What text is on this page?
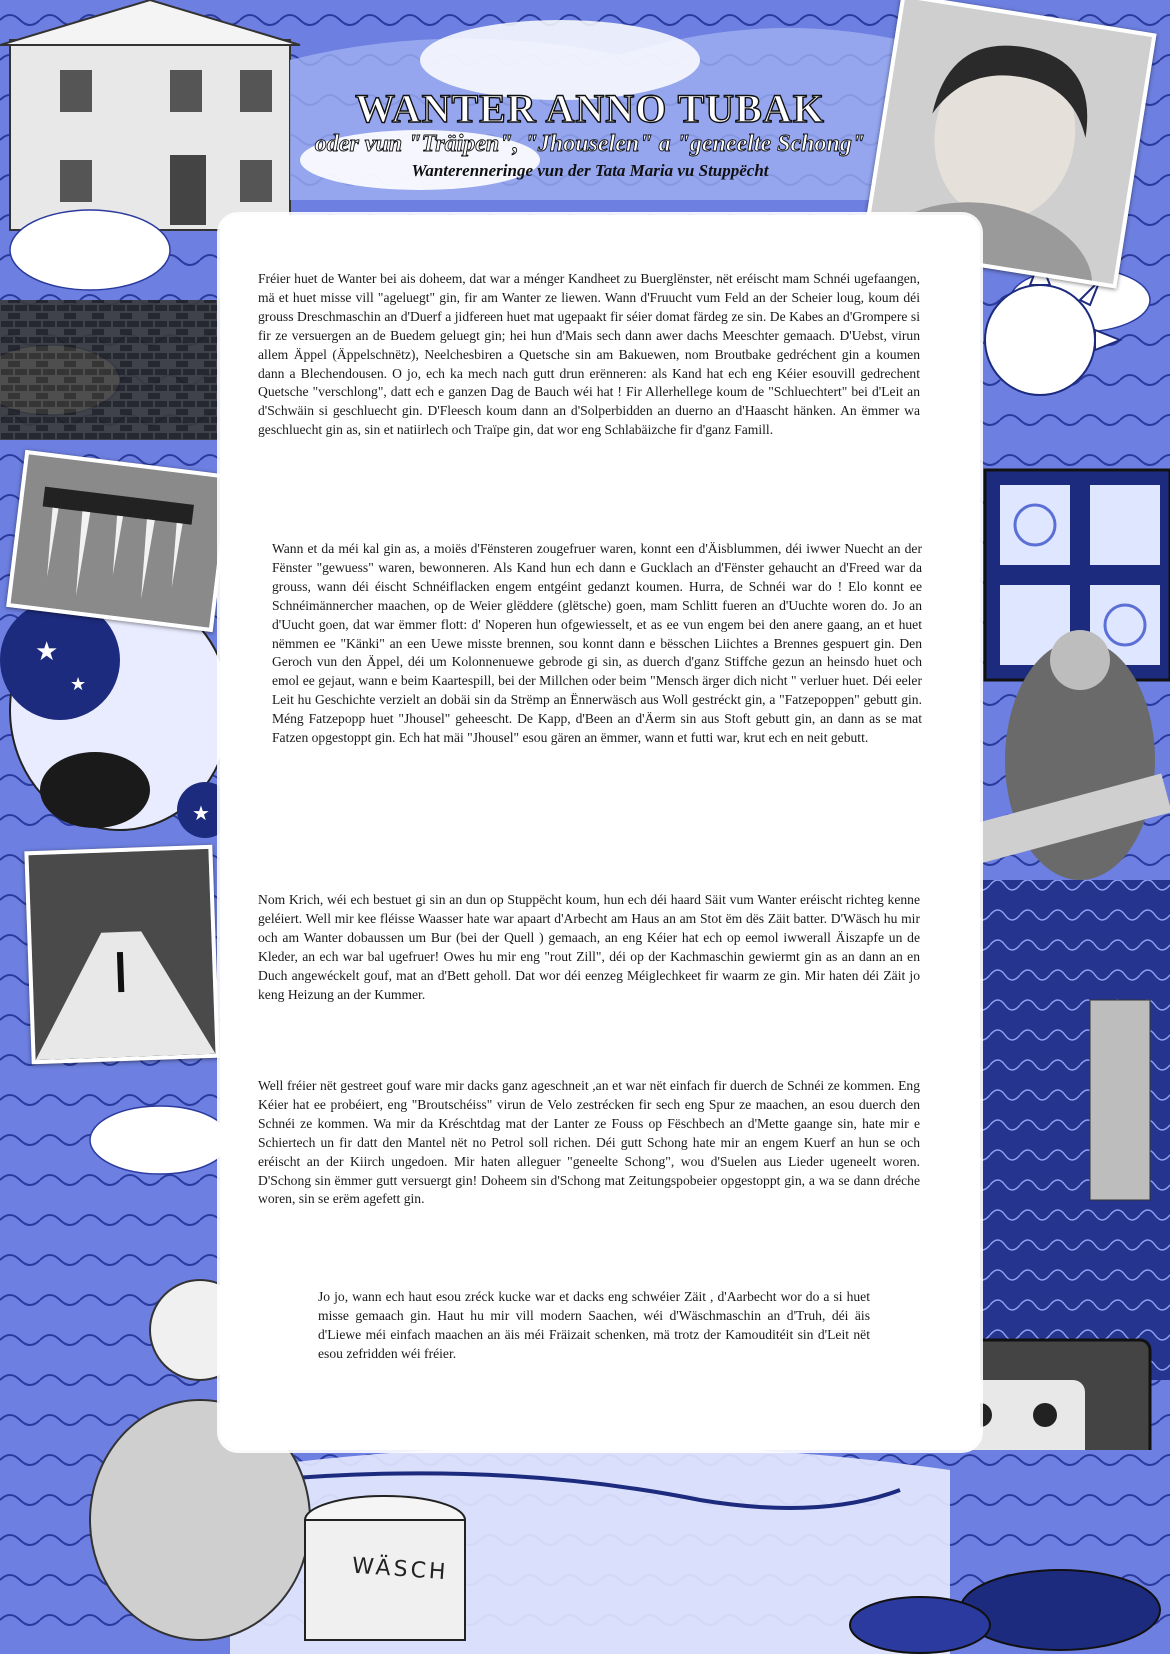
★
★
★
WANTER ANNO TUBAK
oder vun "Träipen", "Jhouselen" a "geneelte Schong"
Wanterenneringe vun der Tata Maria vu Stuppëcht

Fréier huet de Wanter bei ais doheem, dat war a ménger Kandheet zu Buerglënster, nët eréischt mam Schnéi ugefaangen, mä et huet misse vill "ageluegt" gin, fir am Wanter ze liewen. Wann d'Fruucht vum Feld an der Scheier loug, koum déi grouss Dreschmaschin an d'Duerf a jidfereen huet mat ugepaakt fir séier domat färdeg ze sin. De Kabes an d'Grompere si fir ze versuergen an de Buedem geluegt gin; hei hun d'Mais sech dann awer dachs Meeschter gemaach. D'Uebst, virun allem Äppel (Äppelschnëtz), Neelchesbiren a Quetsche sin am Bakuewen, nom Broutbake gedréchent gin a koumen dann a Blechendousen. O jo, ech ka mech nach gutt drun erënneren: als Kand hat ech eng Kéier esouvill gedrechent Quetsche "verschlong", datt ech e ganzen Dag de Bauch wéi hat ! Fir Allerhellege koum de "Schluechtert" bei d'Leit an d'Schwäin si geschluecht gin. D'Fleesch koum dann an d'Solperbidden an duerno an d'Haascht hänken. An ëmmer wa geschluecht gin as, sin et natiirlech och Traïpe gin, dat wor eng Schlabäizche fir d'ganz Famill.

Wann et da méi kal gin as, a moiës d'Fënsteren zougefruer waren, konnt een d'Äisblummen, déi iwwer Nuecht an der Fënster "gewuess" waren, bewonneren. Als Kand hun ech dann e Gucklach an d'Fënster gehaucht an d'Freed war da grouss, wann déi éischt Schnéiflacken engem entgéint gedanzt koumen. Hurra, de Schnéi war do ! Elo konnt ee Schnéimännercher maachen, op de Weier glëddere (glëtsche) goen, mam Schlitt fueren an d'Uuchte woren do. Jo an d'Uucht goen, dat war ëmmer flott: d' Noperen hun ofgewiesselt, et as ee vun engem bei den anere gaang, an et huet nëmmen ee "Känki" an een Uewe misste brennen, sou konnt dann e bësschen Liichtes a Brennes gespuert gin. Den Geroch vun den Äppel, déi um Kolonnenuewe gebrode gi sin, as duerch d'ganz Stiffche gezun an heinsdo huet och emol ee gejaut, wann e beim Kaartespill, bei der Millchen oder beim "Mensch ärger dich nicht " verluer huet. Déi eeler Leit hu Geschichte verzielt an dobäi sin da Strëmp an Ënnerwäsch aus Woll gestréckt gin, a "Fatzepoppen" gebutt gin. Méng Fatzepopp huet "Jhousel" geheescht. De Kapp, d'Been an d'Äerm sin aus Stoft gebutt gin, an dann as se mat Fatzen opgestoppt gin. Ech hat mäi "Jhousel" esou gären an ëmmer, wann et futti war, krut ech en neit gebutt.

Nom Krich, wéi ech bestuet gi sin an dun op Stuppëcht koum, hun ech déi haard Säit vum Wanter eréischt richteg kenne geléiert. Well mir kee fléisse Waasser hate war apaart d'Arbecht am Haus an am Stot ëm dës Zäit batter. D'Wäsch hu mir och am Wanter dobaussen um Bur (bei der Quell ) gemaach, an eng Kéier hat ech op eemol iwwerall Äiszapfe un de Kleder, an ech war bal ugefruer! Owes hu mir eng "rout Zill", déi op der Kachmaschin gewiermt gin as an dann an en Duch angewéckelt gouf, mat an d'Bett geholl. Dat wor déi eenzeg Méiglechkeet fir waarm ze gin. Mir haten déi Zäit jo keng Heizung an der Kummer.

Well fréier nët gestreet gouf ware mir dacks ganz ageschneit ,an et war nët einfach fir duerch de Schnéi ze kommen. Eng Kéier hat ee probéiert, eng "Broutschéiss" virun de Velo zestrécken fir sech eng Spur ze maachen, an esou duerch den Schnéi ze kommen. Wa mir da Kréschtdag mat der Lanter ze Fouss op Fëschbech an d'Mette gaange sin, hate mir e Schiertech un fir datt den Mantel nët no Petrol soll richen. Déi gutt Schong hate mir an engem Kuerf an hun se och eréischt an der Kiirch ungedoen. Mir haten alleguer "geneelte Schong", wou d'Suelen aus Lieder ugeneelt woren. D'Schong sin ëmmer gutt versuergt gin! Doheem sin d'Schong mat Zeitungspobeier opgestoppt gin, a wa se dann dréche woren, sin se erëm agefett gin.

Jo jo, wann ech haut esou zréck kucke war et dacks eng schwéier Zäit , d'Aarbecht wor do a si huet misse gemaach gin. Haut hu mir vill modern Saachen, wéi d'Wäschmaschin an d'Truh, déi äis d'Liewe méi einfach maachen an äis méi Fräizait schenken, mä trotz der Kamouditéit sin d'Leit nët esou zefridden wéi fréier.

WÄSCH
